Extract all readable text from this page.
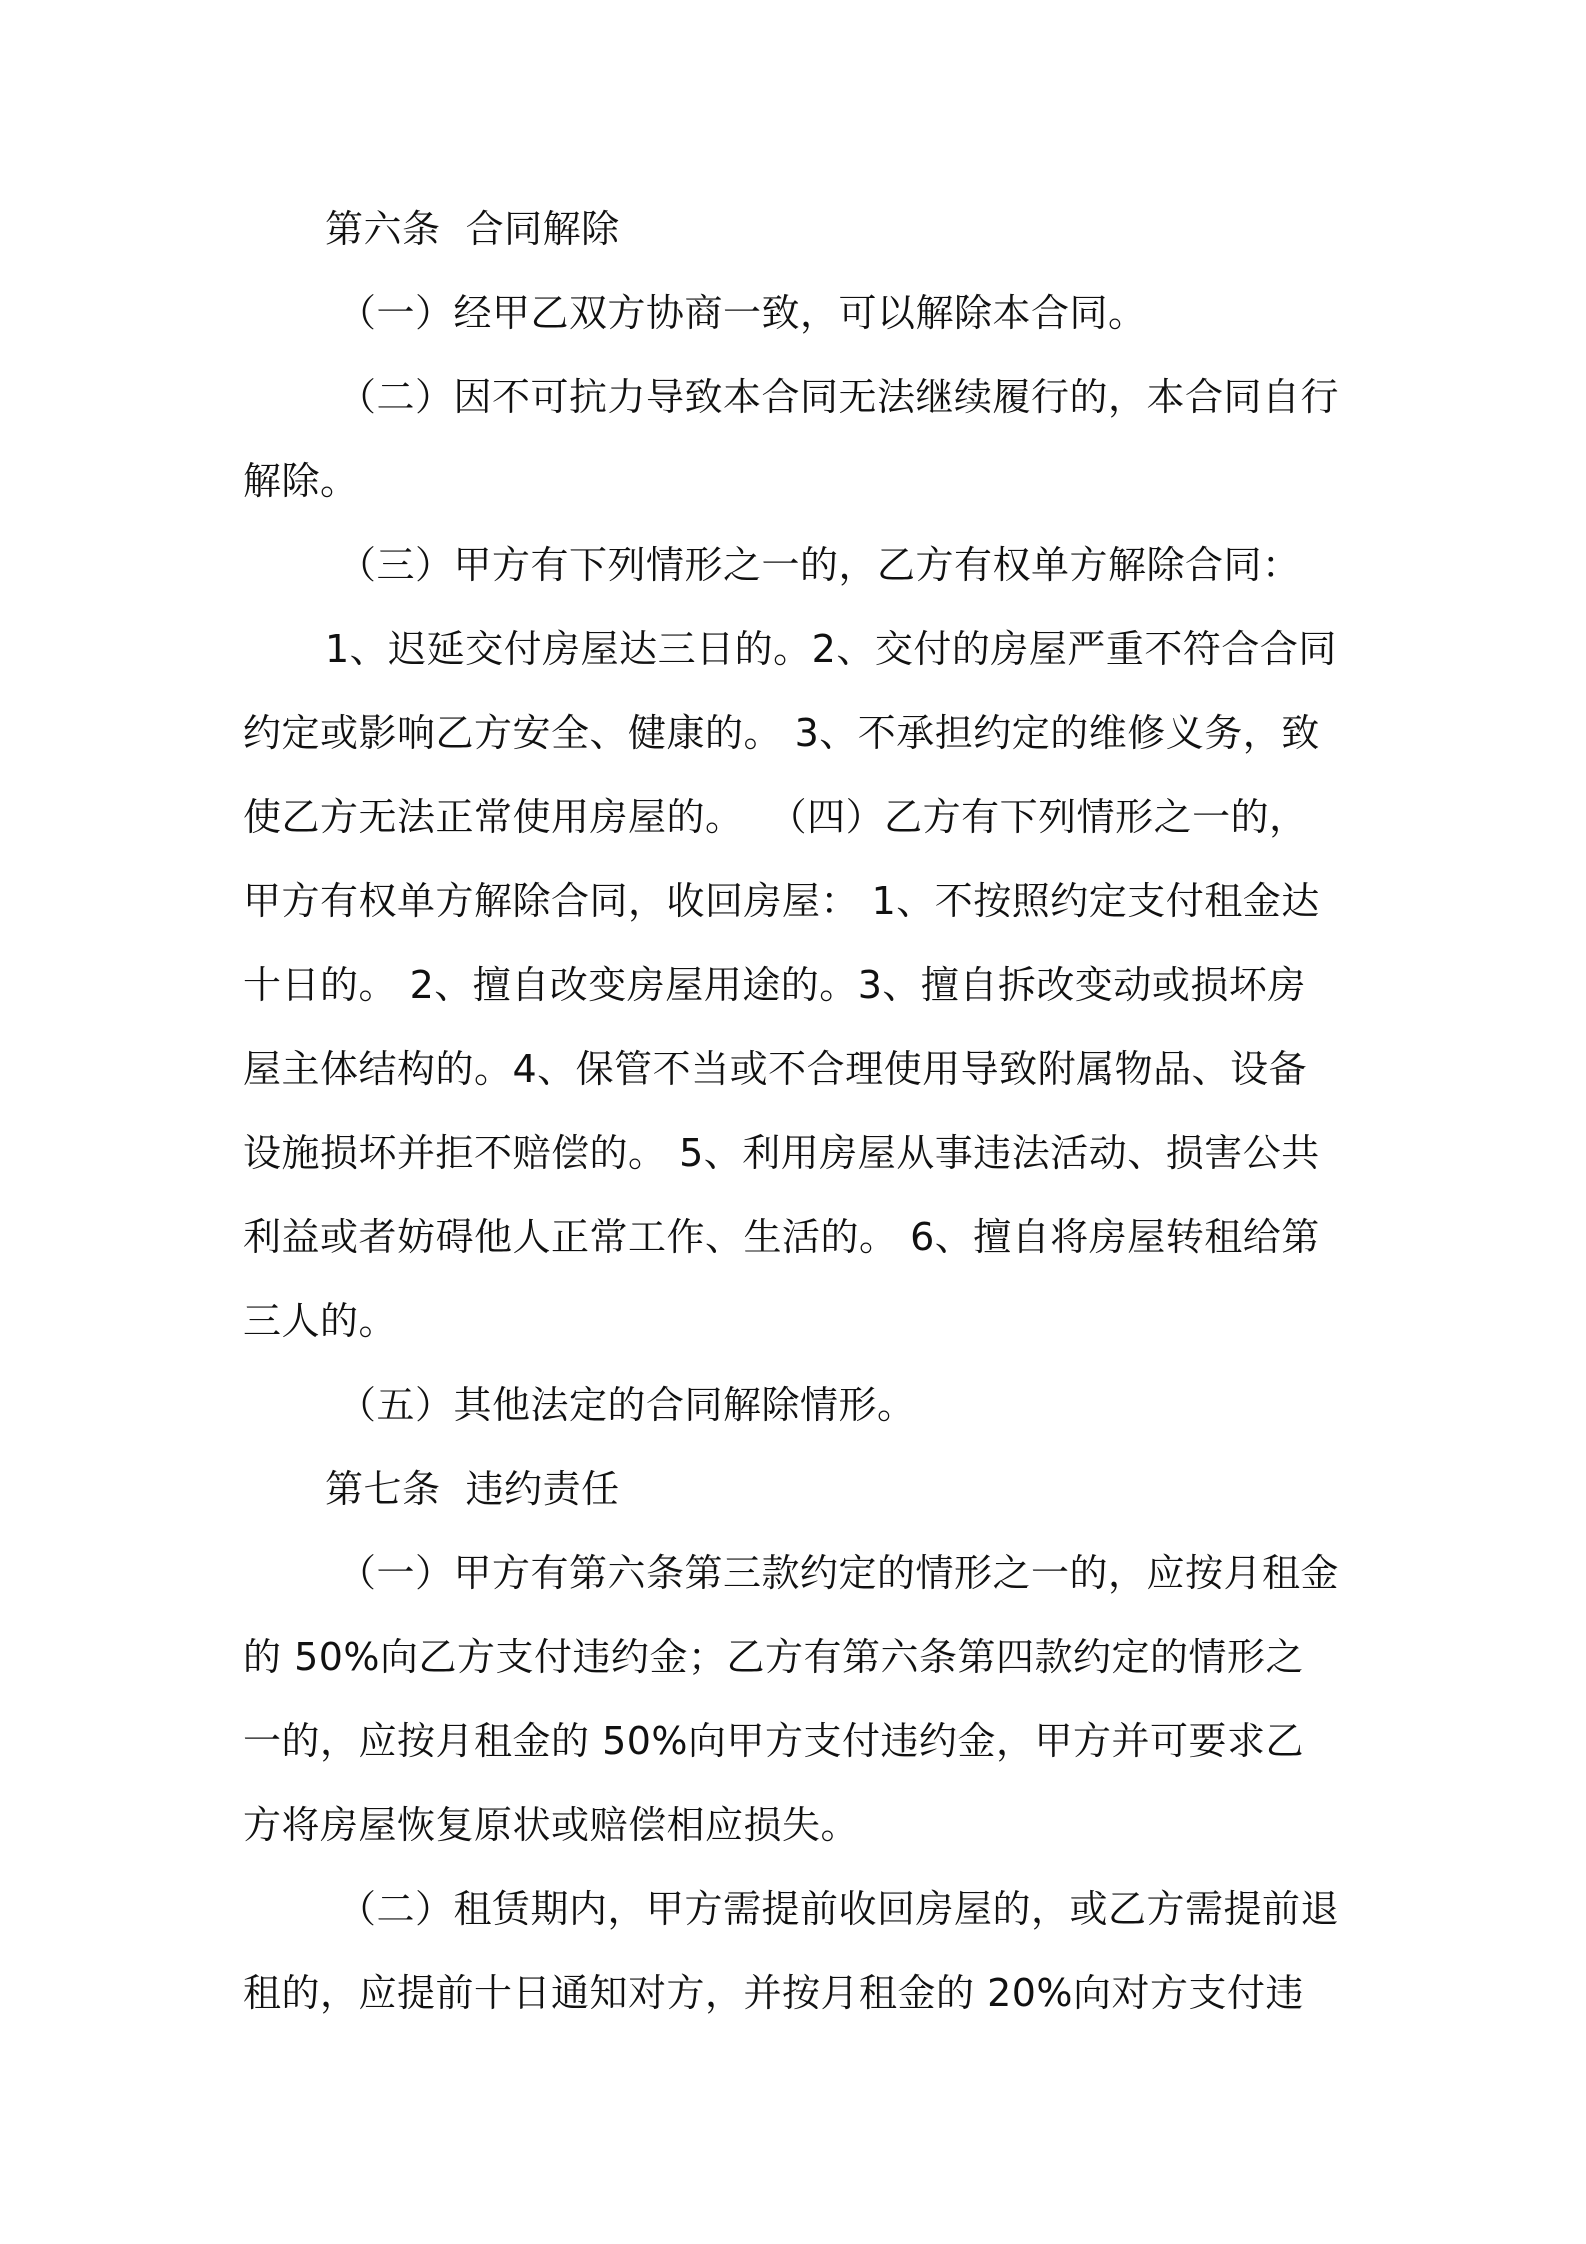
第六条  合同解除
（一）经甲乙双方协商一致，可以解除本合同。
（二）因不可抗力导致本合同无法继续履行的，本合同自行
解除。
（三）甲方有下列情形之一的，乙方有权单方解除合同：
1、迟延交付房屋达三日的。2、交付的房屋严重不符合合同
约定或影响乙方安全、健康的。 3、不承担约定的维修义务，致
使乙方无法正常使用房屋的。  （四）乙方有下列情形之一的，
甲方有权单方解除合同，收回房屋： 1、不按照约定支付租金达
十日的。 2、擅自改变房屋用途的。3、擅自拆改变动或损坏房
屋主体结构的。4、保管不当或不合理使用导致附属物品、设备
设施损坏并拒不赔偿的。 5、利用房屋从事违法活动、损害公共
利益或者妨碍他人正常工作、生活的。 6、擅自将房屋转租给第
三人的。
（五）其他法定的合同解除情形。
第七条  违约责任
（一）甲方有第六条第三款约定的情形之一的，应按月租金
的 50%向乙方支付违约金；乙方有第六条第四款约定的情形之
一的，应按月租金的 50%向甲方支付违约金，甲方并可要求乙
方将房屋恢复原状或赔偿相应损失。
（二）租赁期内，甲方需提前收回房屋的，或乙方需提前退
租的，应提前十日通知对方，并按月租金的 20%向对方支付违
